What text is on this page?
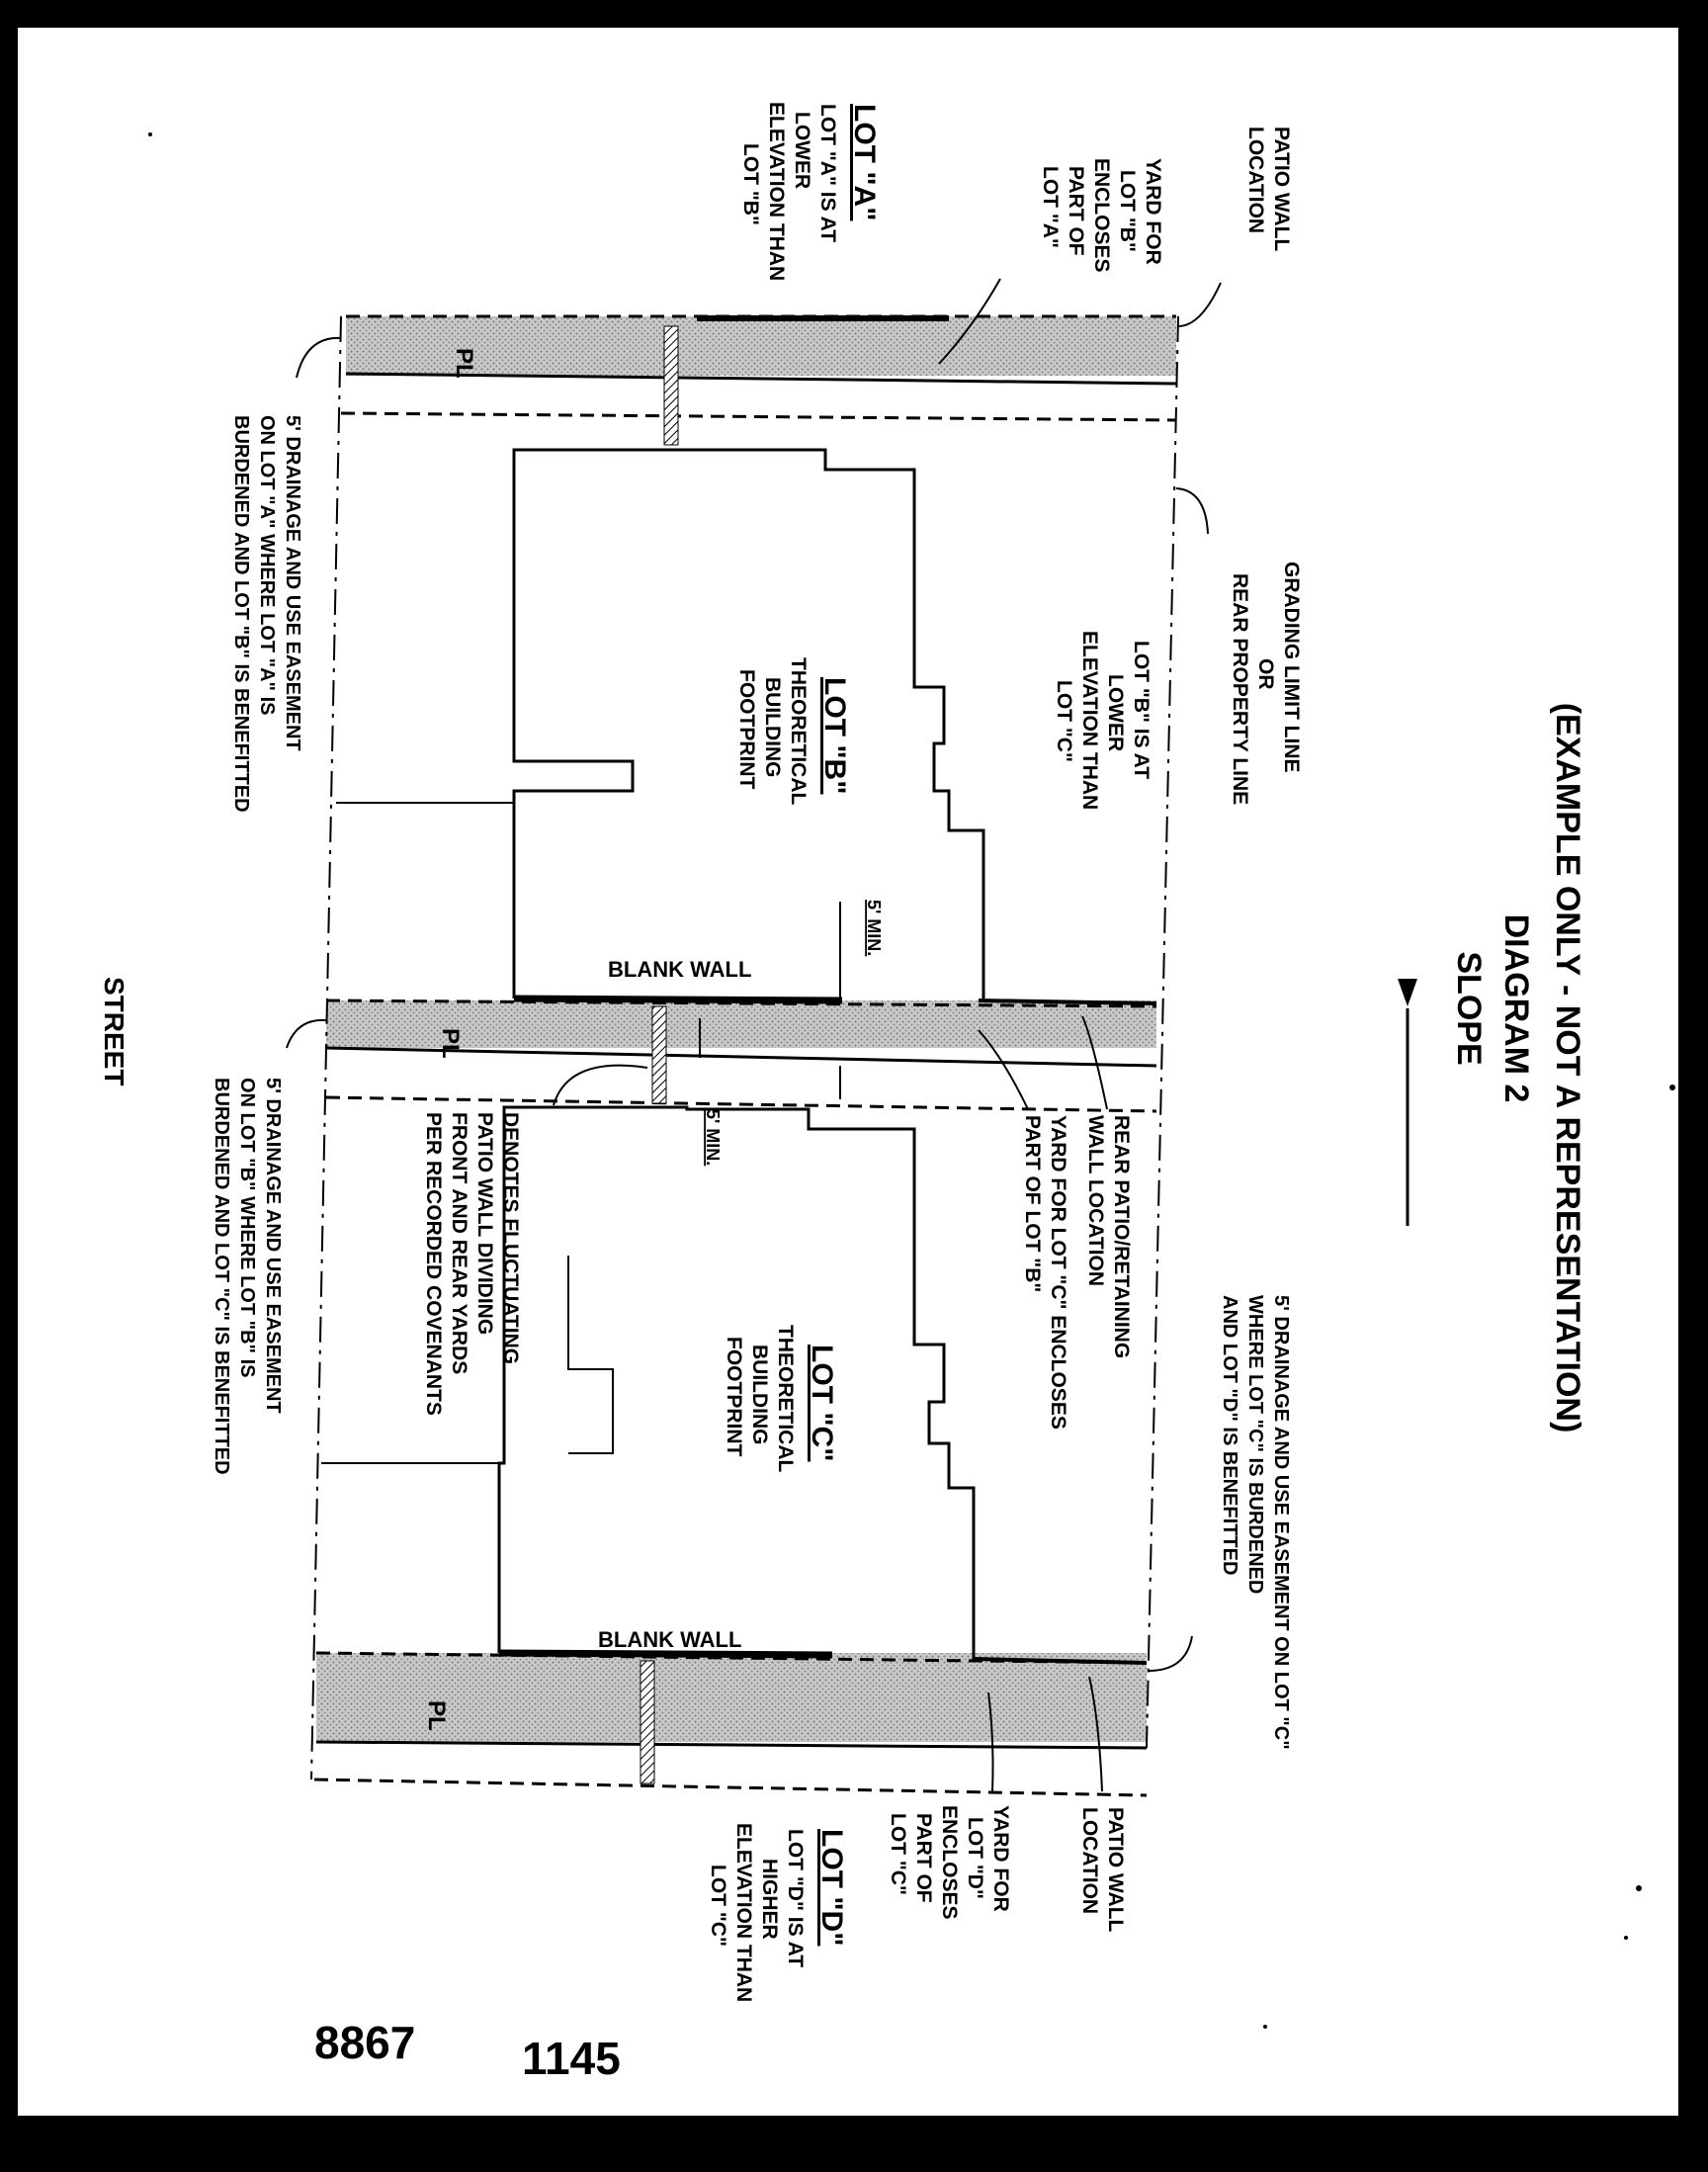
(EXAMPLE ONLY - NOT A REPRESENTATION)
DIAGRAM 2
SLOPE
LOT "A"
LOT "A" IS AT
LOWER
ELEVATION THAN
LOT "B"	PATIO WALL
LOCATION
YARD FOR
LOT "B"
ENCLOSES
PART OF
LOT "A"
GRADING LIMIT LINE
OR
REAR PROPERTY LINE
LOT "B" IS AT
LOWER
ELEVATION THAN
LOT "C"
LOT "B"
THEORETICAL
BUILDING
FOOTPRINT
5' DRAINAGE AND USE EASEMENT
ON LOT "A" WHERE LOT "A" IS
BURDENED AND LOT "B" IS BENEFITTED
5' MIN.
BLANK WALL
PL
PL
PL
REAR PATIO/RETAINING
WALL LOCATION
YARD FOR LOT "C" ENCLOSES
PART OF LOT "B"
5' DRAINAGE AND USE EASEMENT ON LOT "C"
WHERE LOT "C" IS BURDENED
AND LOT "D" IS BENEFITTED
DENOTES FLUCTUATING
PATIO WALL DIVIDING
FRONT AND REAR YARDS
PER RECORDED COVENANTS	5' MIN.
LOT "C"
THEORETICAL
BUILDING
FOOTPRINT
5' DRAINAGE AND USE EASEMENT
ON LOT "B" WHERE LOT "B" IS
BURDENED AND LOT "C" IS BENEFITTED
STREET
BLANK WALL
PATIO WALL
LOCATION
YARD FOR
LOT "D"
ENCLOSES
PART OF
LOT "C"
LOT "D"
LOT "D" IS AT
HIGHER
ELEVATION THAN
LOT "C"
8867 1145
